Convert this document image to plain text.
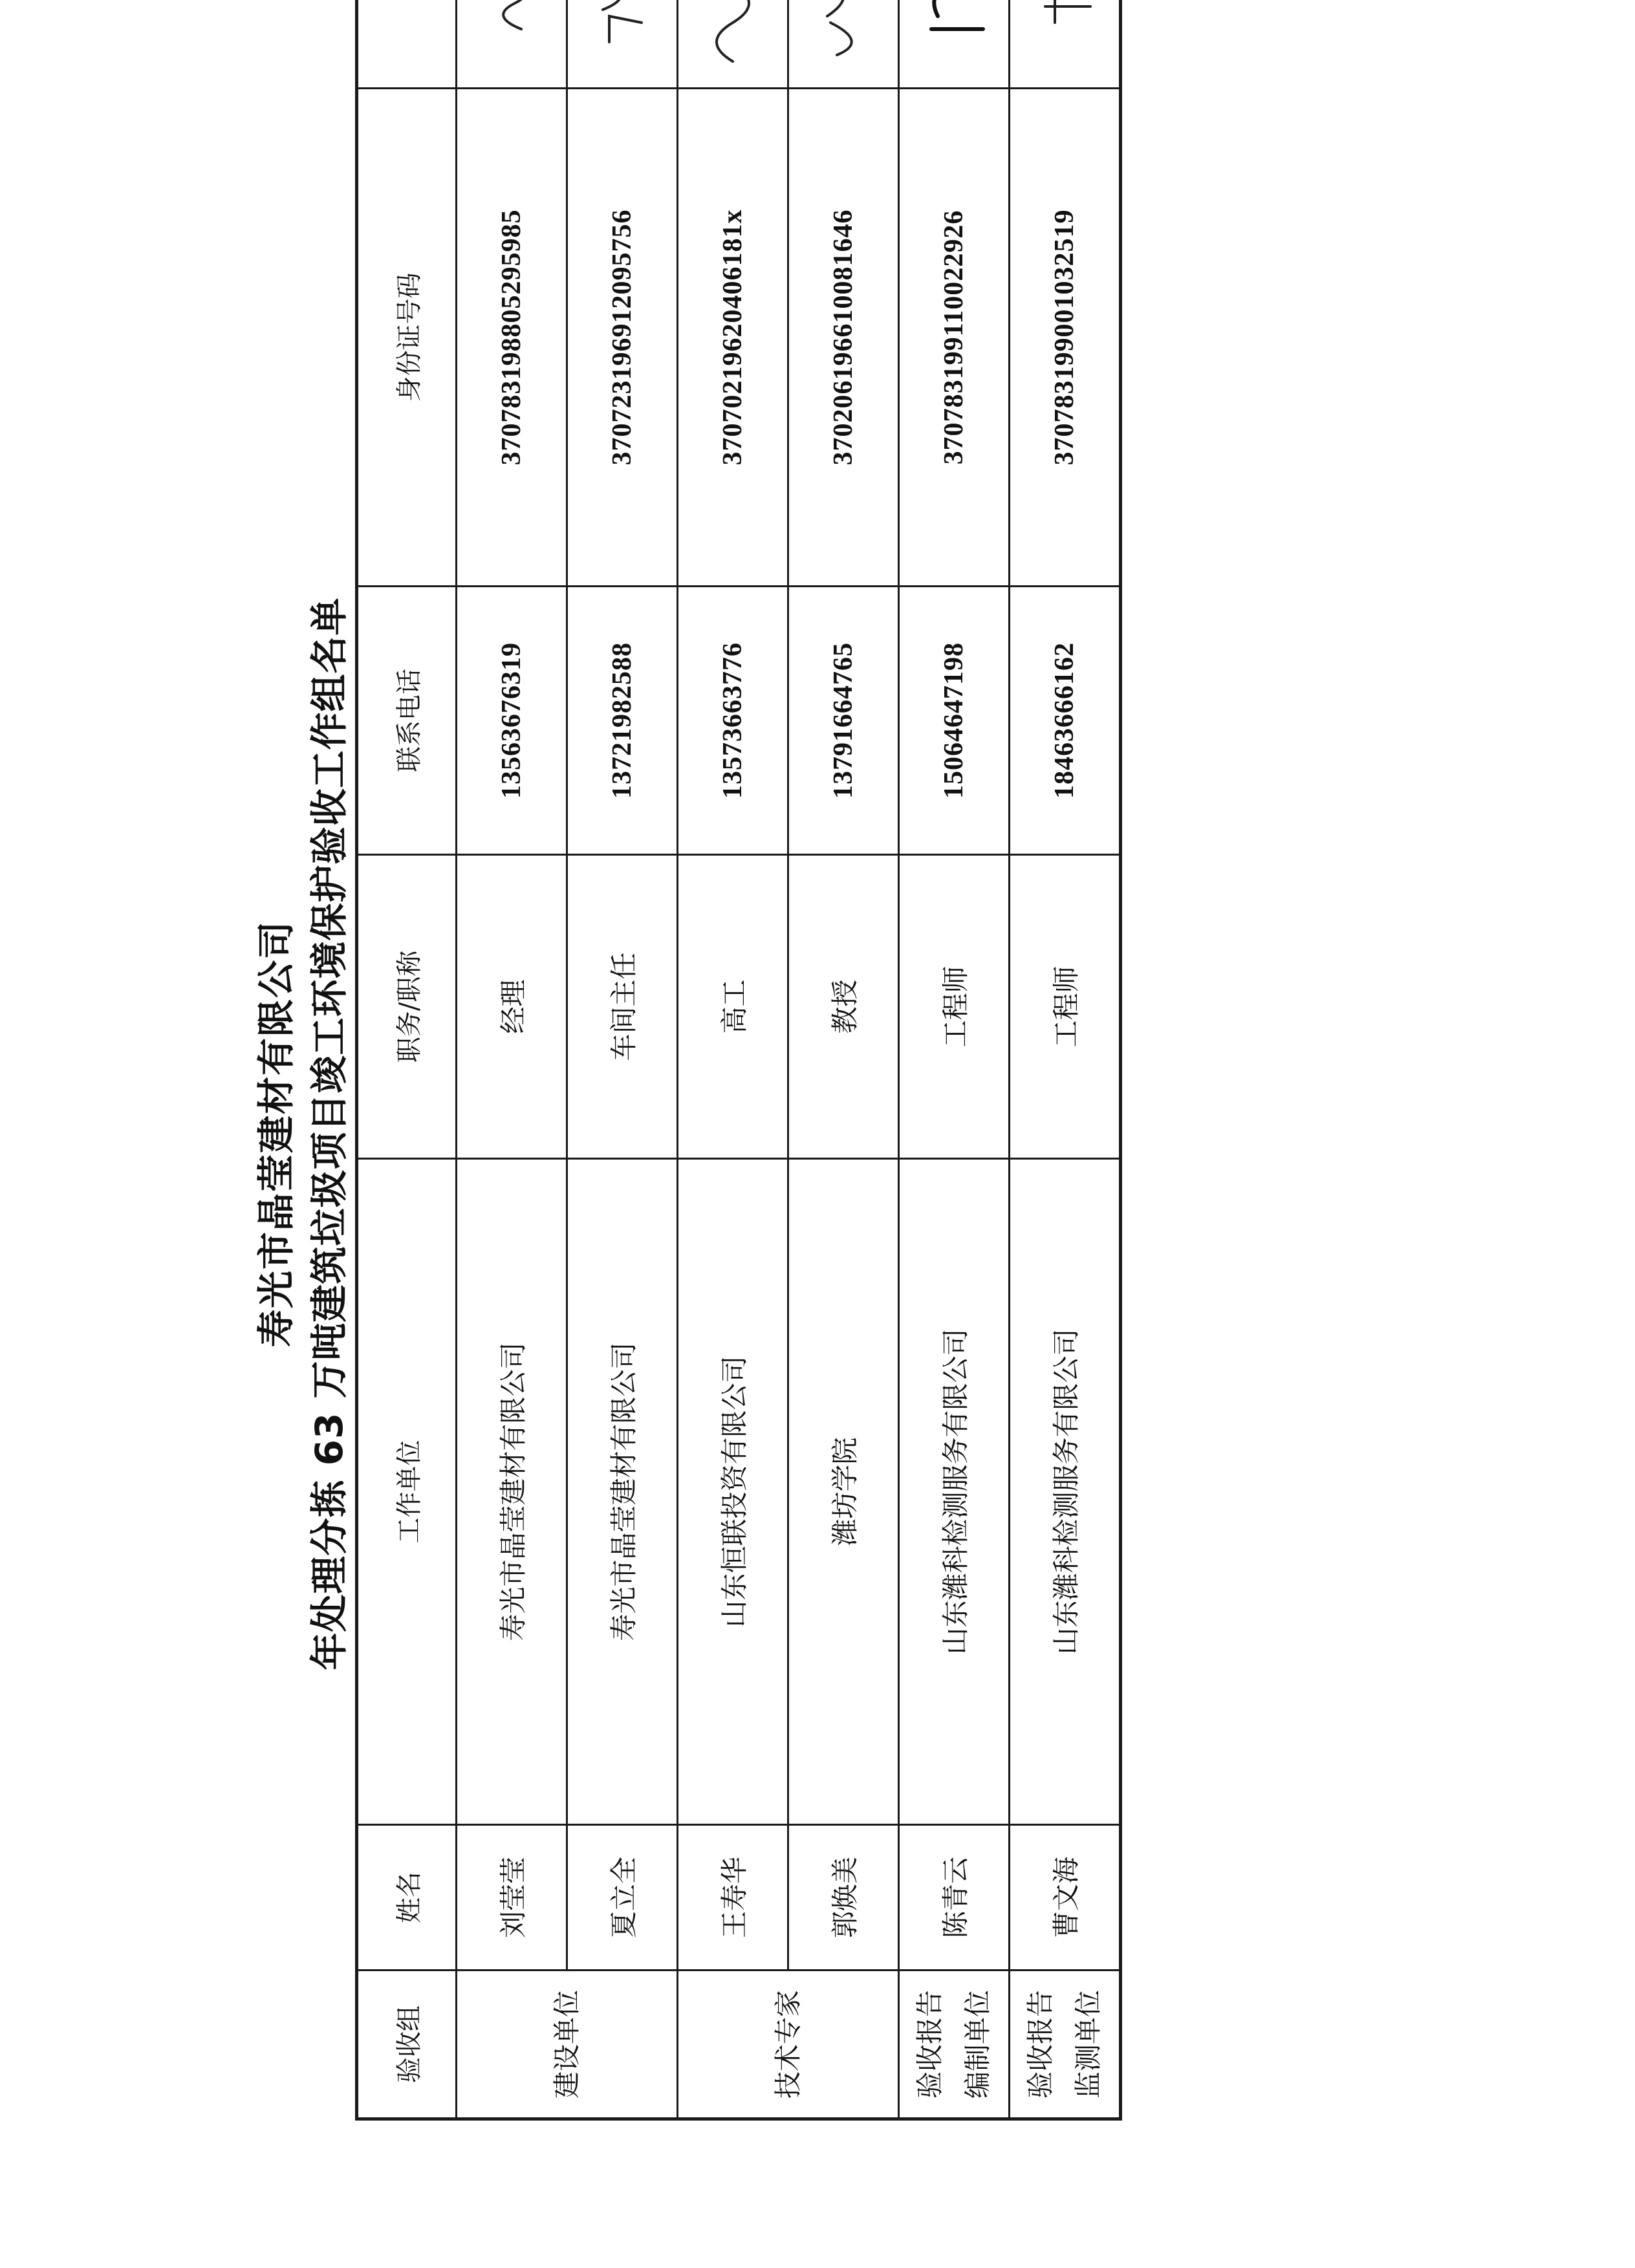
寿光市晶莹建材有限公司 年处理分拣 63 万吨建筑垃圾项目竣工环境保护验收工作组名单
验收组	姓名	工作单位	职务/职称	联系电话	身份证号码	
建设单位	刘莹莹	寿光市晶莹建材有限公司	经理	13563676319	370783198805295985	

	夏立全	寿光市晶莹建材有限公司	车间主任	13721982588	370723196912095756	

技术专家	王寿华	山东恒联投资有限公司	高工	13573663776	37070219620406181x	

	郭焕美	潍坊学院	教授	13791664765	370206196610081646	

验收报告 编制单位	陈青云	山东潍科检测服务有限公司	工程师	15064647198	370783199110022926	

验收报告 监测单位	曹文海	山东潍科检测服务有限公司	工程师	18463666162	370783199001032519	
